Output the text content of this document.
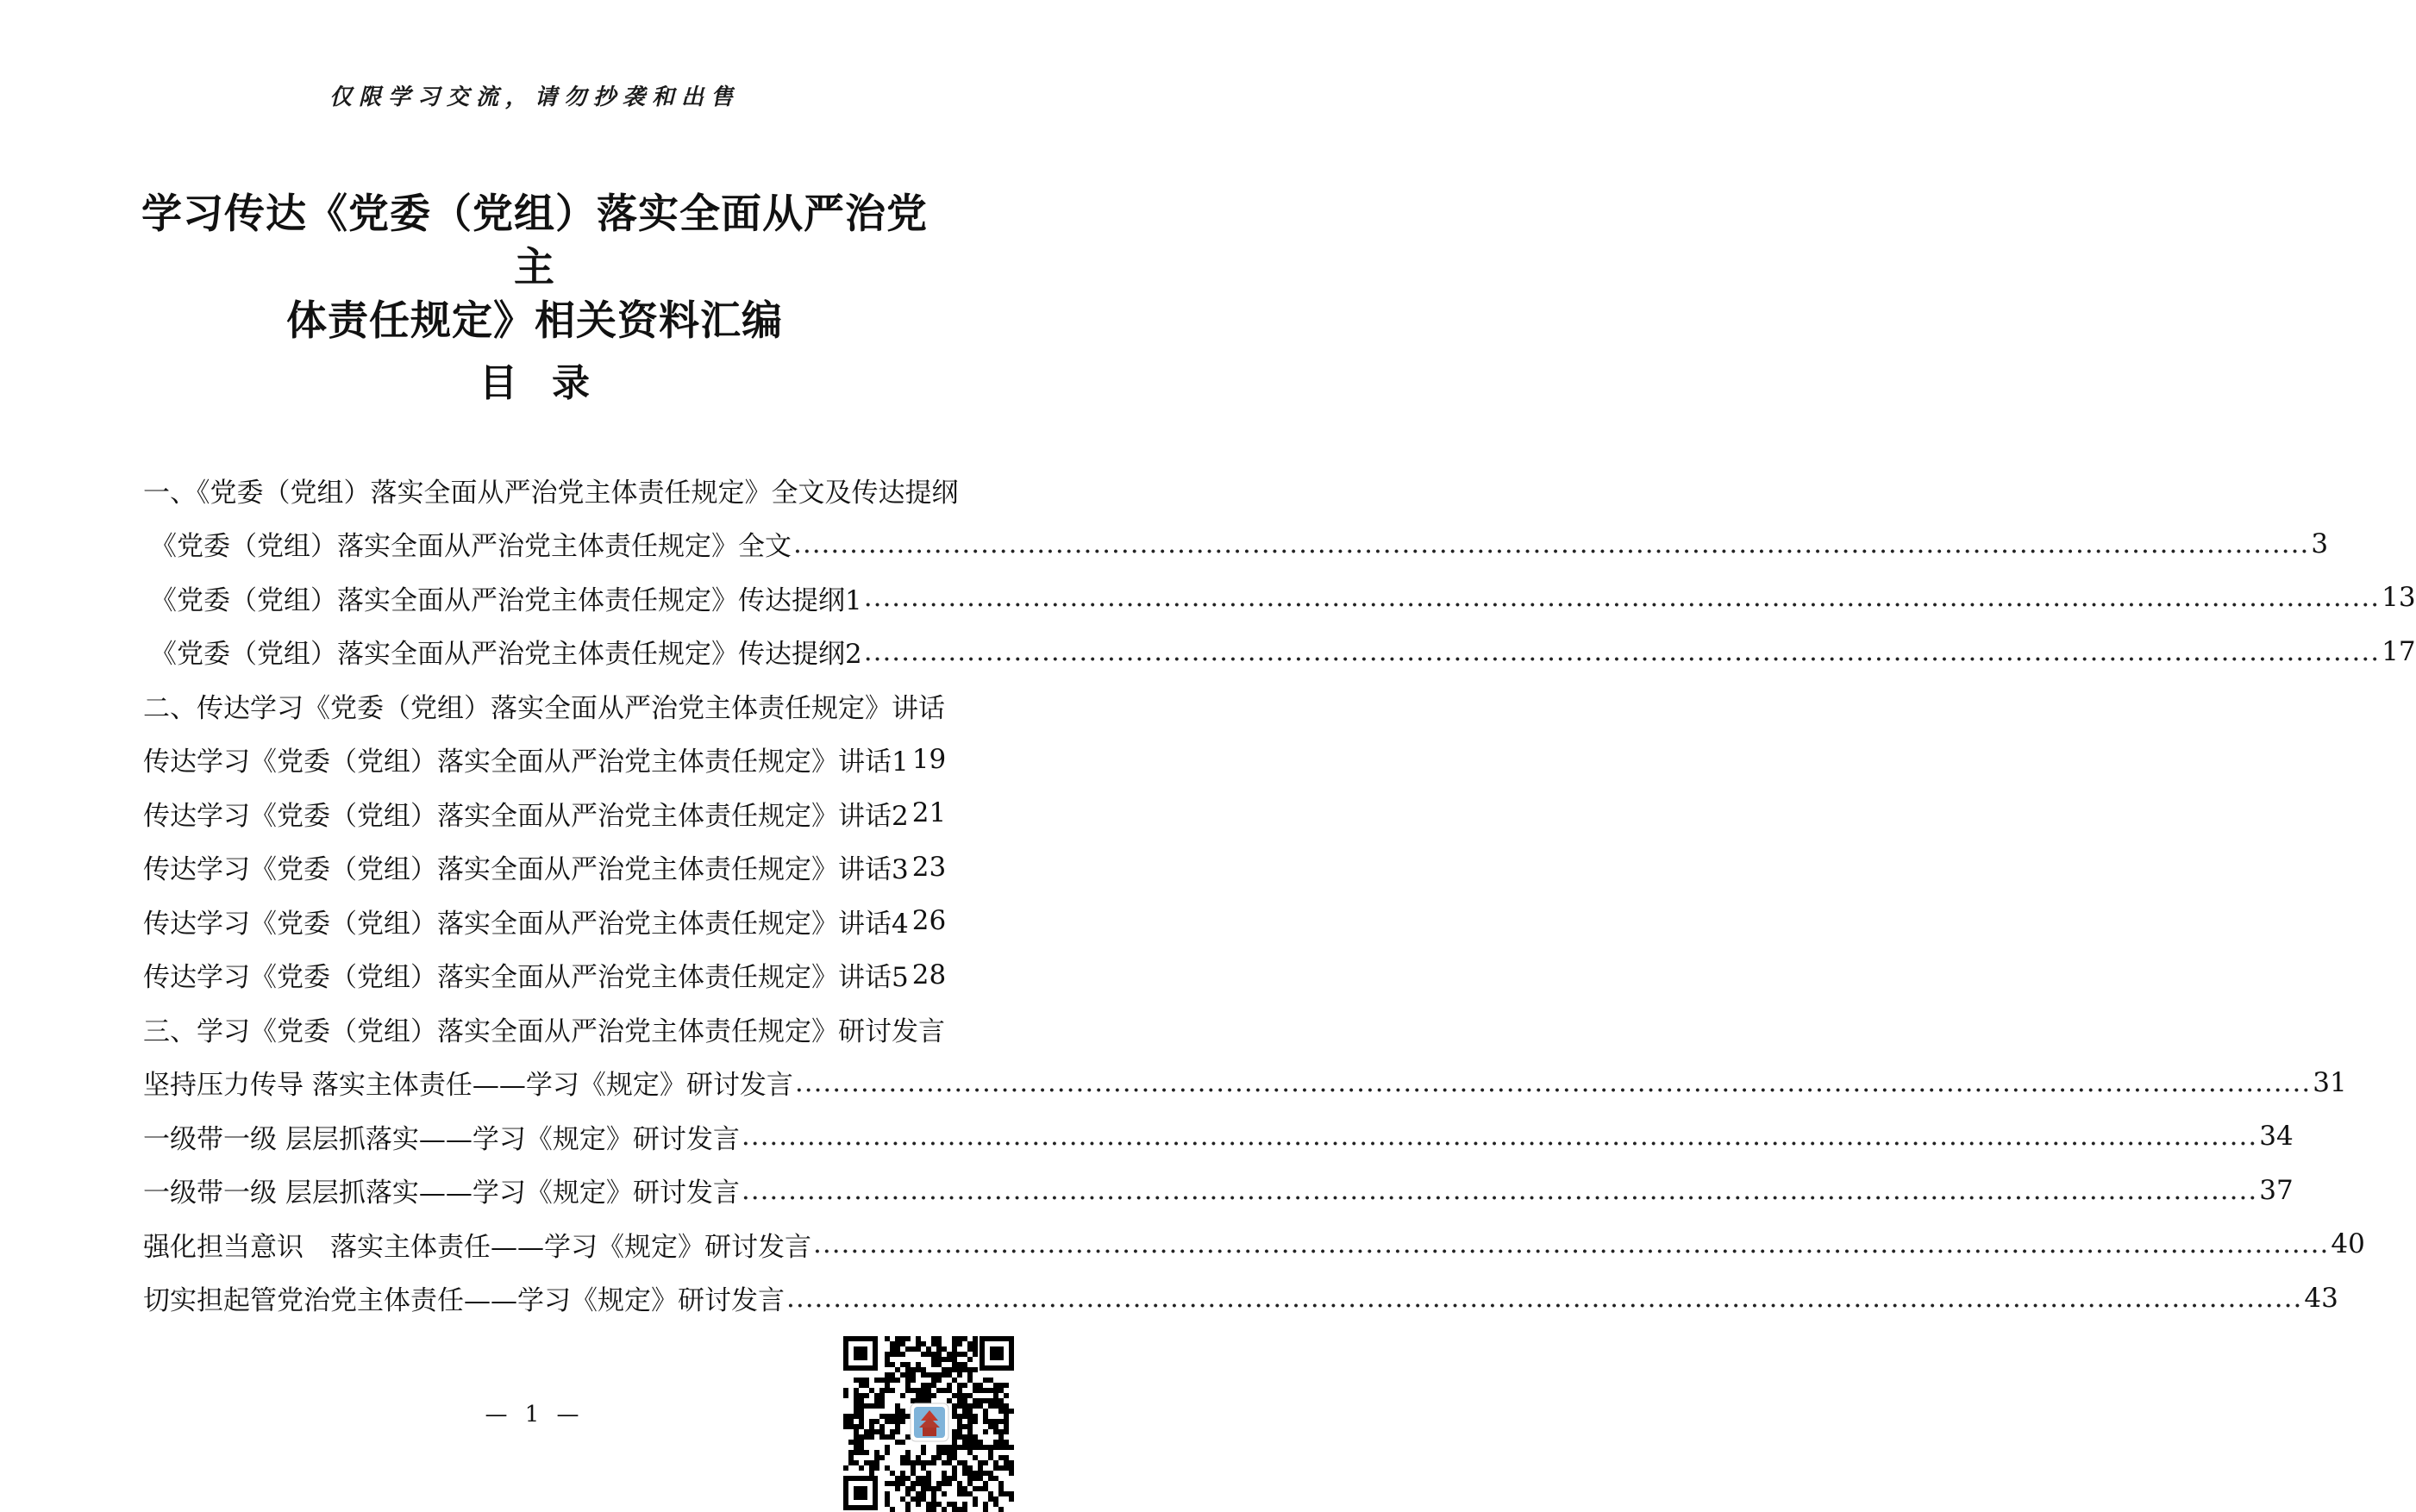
仅限学习交流，请勿抄袭和出售
学习传达《党委（党组）落实全面从严治党主
体责任规定》相关资料汇编
目录
一、《党委（党组）落实全面从严治党主体责任规定》全文及传达提纲
《党委（党组）落实全面从严治党主体责任规定》全文 .....	3
《党委（党组）落实全面从严治党主体责任规定》传达提纲1 .....	13
《党委（党组）落实全面从严治党主体责任规定》传达提纲2 .....	17
二、传达学习《党委（党组）落实全面从严治党主体责任规定》讲话
传达学习《党委（党组）落实全面从严治党主体责任规定》讲话1 19
传达学习《党委（党组）落实全面从严治党主体责任规定》讲话2 21
传达学习《党委（党组）落实全面从严治党主体责任规定》讲话3 23
传达学习《党委（党组）落实全面从严治党主体责任规定》讲话4 26
传达学习《党委（党组）落实全面从严治党主体责任规定》讲话5 28
三、学习《党委（党组）落实全面从严治党主体责任规定》研讨发言
坚持压力传导 落实主体责任——学习《规定》研讨发言 .....	31
一级带一级 层层抓落实——学习《规定》研讨发言 .....	34
一级带一级 层层抓落实——学习《规定》研讨发言 .....	37
强化担当意识　落实主体责任——学习《规定》研讨发言 .....	40
切实担起管党治党主体责任——学习《规定》研讨发言 .....	43
— 1 —
